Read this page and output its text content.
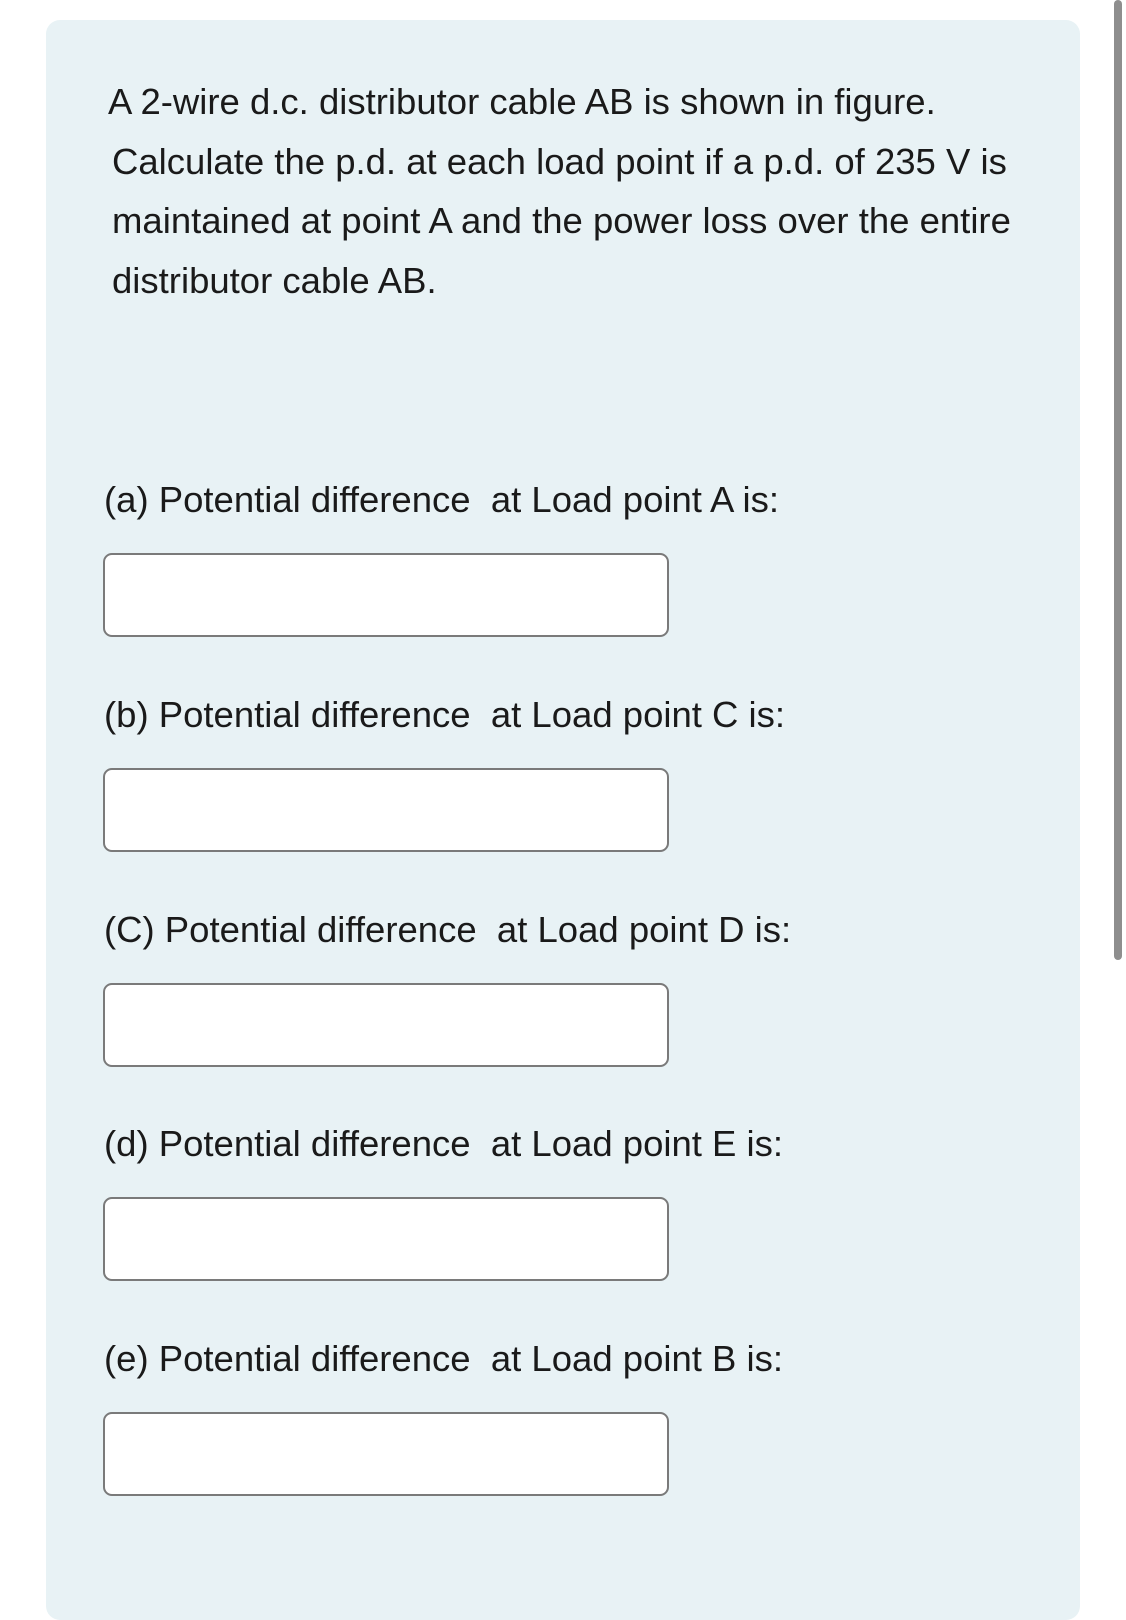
A 2-wire d.c. distributor cable AB is shown in figure. Calculate the p.d. at each load point if a p.d. of 235 V is maintained at point A and the power loss over the entire distributor cable AB.

(a) Potential difference  at Load point A is:
(b) Potential difference  at Load point C is:
(C) Potential difference  at Load point D is:
(d) Potential difference  at Load point E is:
(e) Potential difference  at Load point B is:
